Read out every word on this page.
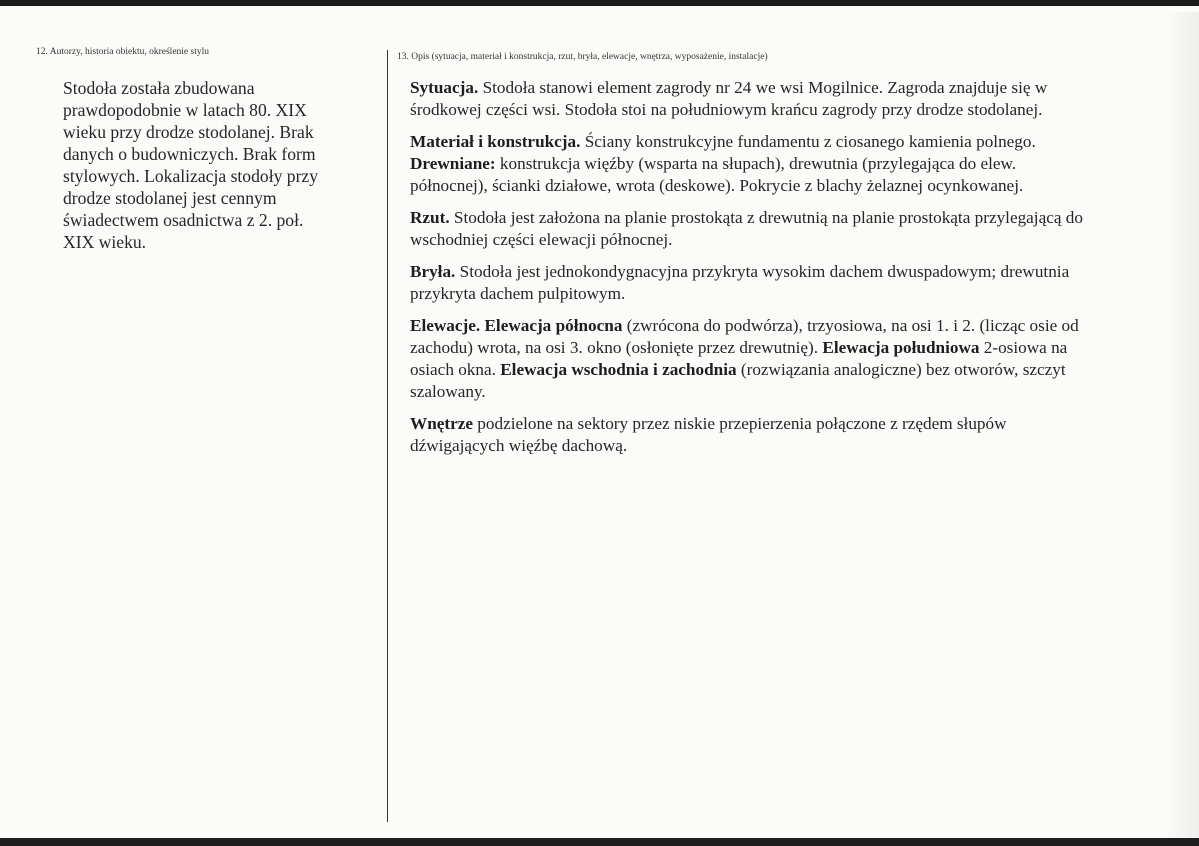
12. Autorzy, historia obiektu, określenie stylu	13. Opis (sytuacja, materiał i konstrukcja, rzut, bryła, elewacje, wnętrza, wyposażenie, instalacje)
Stodoła została zbudowana
prawdopodobnie w latach 80. XIX
wieku przy drodze stodolanej. Brak
danych o budowniczych. Brak form
stylowych. Lokalizacja stodoły przy
drodze stodolanej jest cennym
świadectwem osadnictwa z 2. poł.
XIX wieku.
Sytuacja. Stodoła stanowi element zagrody nr 24 we wsi Mogilnice. Zagroda znajduje się w
środkowej części wsi. Stodoła stoi na południowym krańcu zagrody przy drodze stodolanej.
Materiał i konstrukcja. Ściany konstrukcyjne fundamentu z ciosanego kamienia polnego.
Drewniane: konstrukcja więźby (wsparta na słupach), drewutnia (przylegająca do elew.
północnej), ścianki działowe, wrota (deskowe). Pokrycie z blachy żelaznej ocynkowanej.
Rzut. Stodoła jest założona na planie prostokąta z drewutnią na planie prostokąta przylegającą do
wschodniej części elewacji północnej.
Bryła. Stodoła jest jednokondygnacyjna przykryta wysokim dachem dwuspadowym; drewutnia
przykryta dachem pulpitowym.
Elewacje. Elewacja północna (zwrócona do podwórza), trzyosiowa, na osi 1. i 2. (licząc osie od
zachodu) wrota, na osi 3. okno (osłonięte przez drewutnię). Elewacja południowa 2-osiowa na
osiach okna. Elewacja wschodnia i zachodnia (rozwiązania analogiczne) bez otworów, szczyt
szalowany.
Wnętrze podzielone na sektory przez niskie przepierzenia połączone z rzędem słupów
dźwigających więźbę dachową.
